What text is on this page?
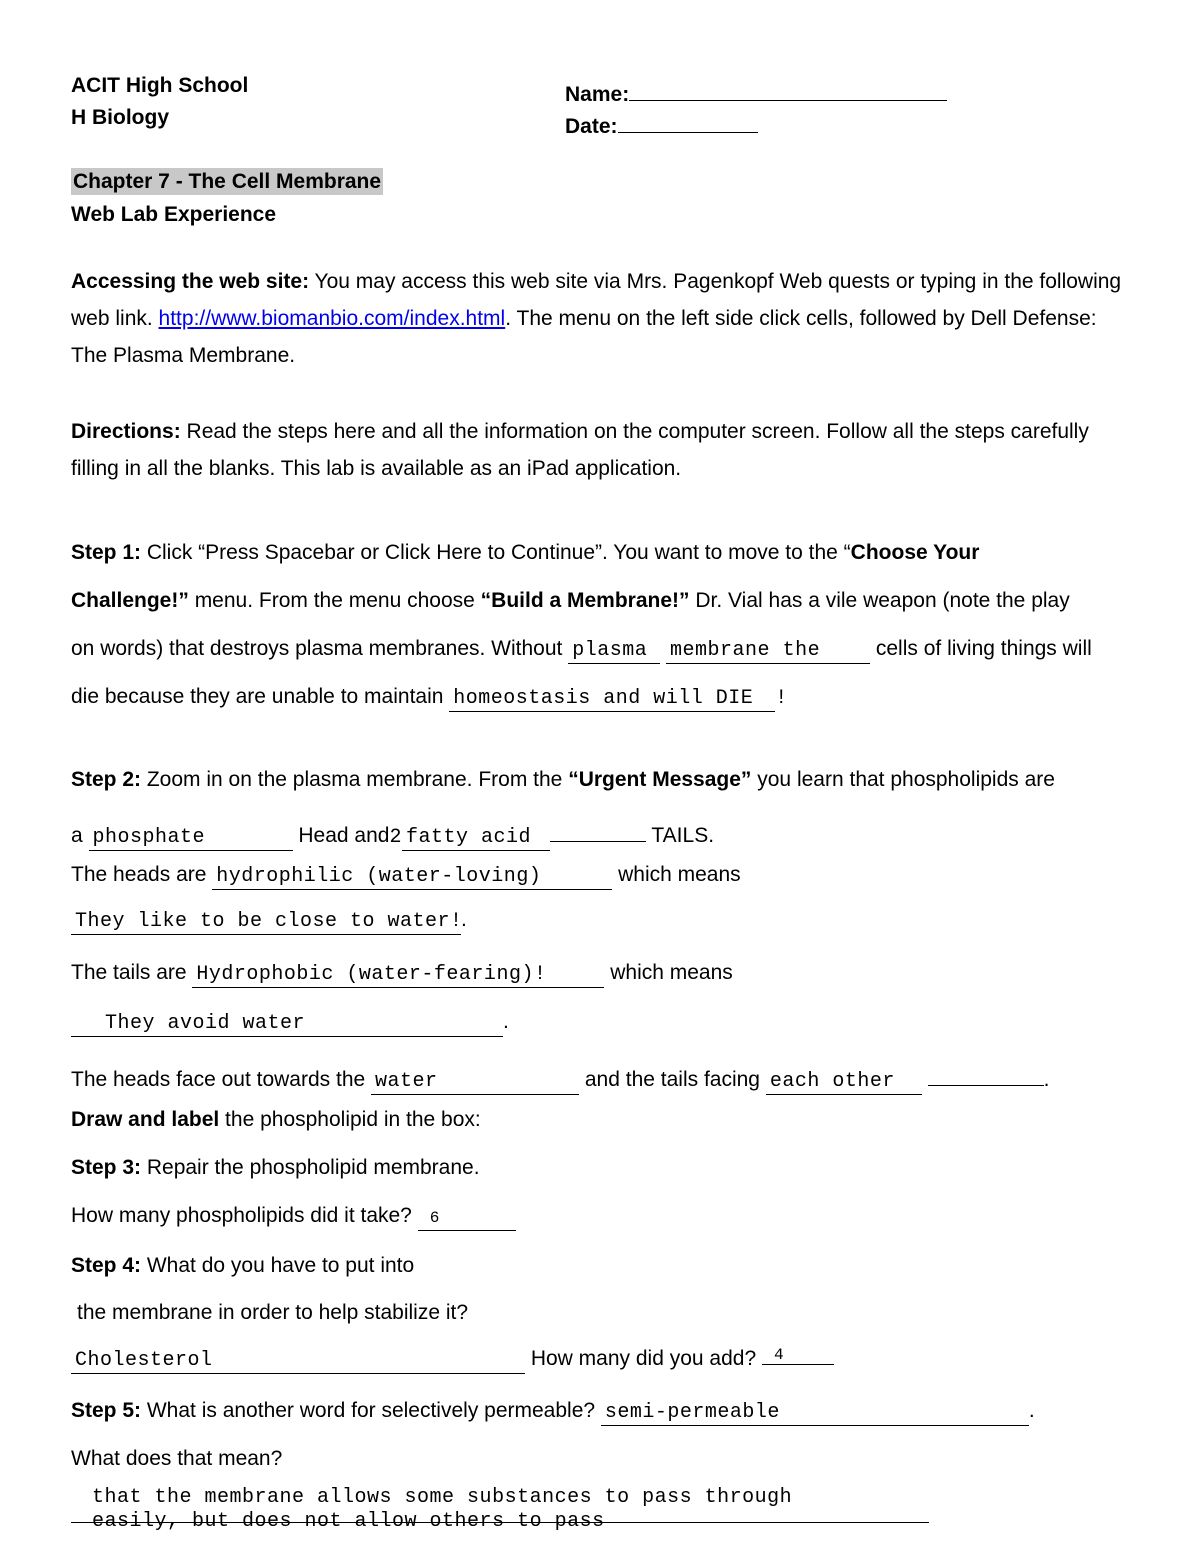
ACIT High School
H Biology
Name:
Date:
Chapter 7 - The Cell Membrane
Web Lab Experience
Accessing the web site: You may access this web site via Mrs. Pagenkopf Web quests or typing in the following web link. http://www.biomanbio.com/index.html. The menu on the left side click cells, followed by Dell Defense: The Plasma Membrane.
Directions: Read the steps here and all the information on the computer screen. Follow all the steps carefully filling in all the blanks. This lab is available as an iPad application.
Step 1: Click “Press Spacebar or Click Here to Continue”. You want to move to the “Choose Your
Challenge!” menu. From the menu choose “Build a Membrane!” Dr. Vial has a vile weapon (note the play
on words) that destroys plasma membranes. Without plasma membrane the cells of living things will
die because they are unable to maintain homeostasis and will DIE !
Step 2: Zoom in on the plasma membrane. From the “Urgent Message” you learn that phospholipids are
a phosphate	Head and2 fatty acid	TAILS.
The heads are hydrophilic (water-loving)	which means
They like to be close to water!.
The tails are Hydrophobic (water-fearing)!	which means
They avoid water	.
The heads face out towards the water	and the tails facing each other	.
Draw and label the phospholipid in the box:
Step 3: Repair the phospholipid membrane.
How many phospholipids did it take? 6
Step 4: What do you have to put into
the membrane in order to help stabilize it?
Cholesterol	How many did you add? 4
Step 5: What is another word for selectively permeable? semi-permeable	.
What does that mean?
that the membrane allows some substances to pass through
easily, but does not allow others to pass
